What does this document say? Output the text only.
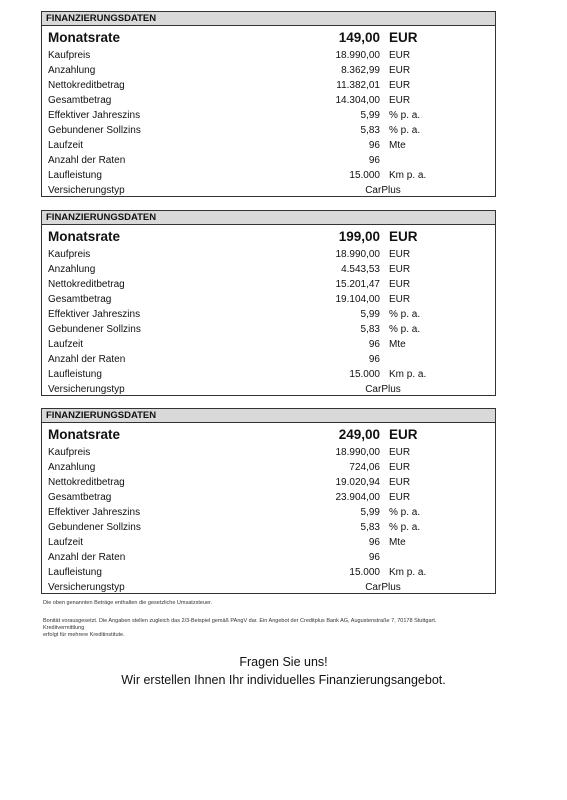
FINANZIERUNGSDATEN
Monatsrate	149,00 EUR
Kaufpreis	18.990,00 EUR
Anzahlung	8.362,99 EUR
Nettokreditbetrag	11.382,01 EUR
Gesamtbetrag	14.304,00 EUR
Effektiver Jahreszins	5,99 % p. a.
Gebundener Sollzins	5,83 % p. a.
Laufzeit	96 Mte
Anzahl der Raten	96
Laufleistung	15.000 Km p. a.
Versicherungstyp	CarPlus
FINANZIERUNGSDATEN
Monatsrate	199,00 EUR
Kaufpreis	18.990,00 EUR
Anzahlung	4.543,53 EUR
Nettokreditbetrag	15.201,47 EUR
Gesamtbetrag	19.104,00 EUR
Effektiver Jahreszins	5,99 % p. a.
Gebundener Sollzins	5,83 % p. a.
Laufzeit	96 Mte
Anzahl der Raten	96
Laufleistung	15.000 Km p. a.
Versicherungstyp	CarPlus
FINANZIERUNGSDATEN
Monatsrate	249,00 EUR
Kaufpreis	18.990,00 EUR
Anzahlung	724,06 EUR
Nettokreditbetrag	19.020,94 EUR
Gesamtbetrag	23.904,00 EUR
Effektiver Jahreszins	5,99 % p. a.
Gebundener Sollzins	5,83 % p. a.
Laufzeit	96 Mte
Anzahl der Raten	96
Laufleistung	15.000 Km p. a.
Versicherungstyp	CarPlus
Die oben genannten Beträge enthalten die gesetzliche Umsatzsteuer.
Bonität vorausgesetzt. Die Angaben stellen zugleich das 2/3-Beispiel gemäß PAngV dar. Ein Angebot der Creditplus Bank AG, Augustenstraße 7, 70178 Stuttgart.
Kreditvermittlung
erfolgt für mehrere Kreditinstitute.
Fragen Sie uns!
Wir erstellen Ihnen Ihr individuelles Finanzierungsangebot.
